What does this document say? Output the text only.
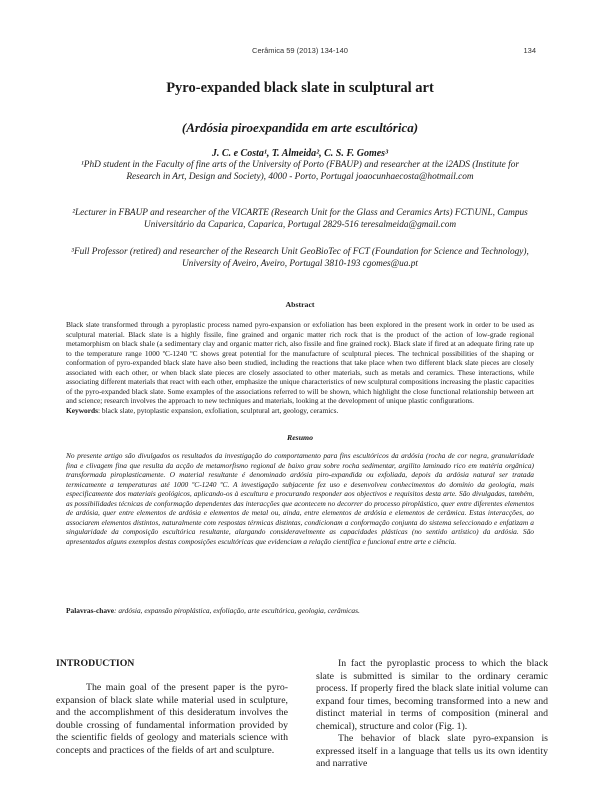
Cerâmica 59 (2013) 134-140	134
Pyro-expanded black slate in sculptural art
(Ardósia piroexpandida em arte escultórica)
J. C. e Costa¹, T. Almeida², C. S. F. Gomes³
¹PhD student in the Faculty of fine arts of the University of Porto (FBAUP) and researcher at the i2ADS (Institute for Research in Art, Design and Society), 4000 - Porto, Portugal joaocunhaecosta@hotmail.com
²Lecturer in FBAUP and researcher of the VICARTE (Research Unit for the Glass and Ceramics Arts) FCT\UNL, Campus Universitário da Caparica, Caparica, Portugal 2829-516 teresalmeida@gmail.com
³Full Professor (retired) and researcher of the Research Unit GeoBioTec of FCT (Foundation for Science and Technology), University of Aveiro, Aveiro, Portugal 3810-193 cgomes@ua.pt
Abstract
Black slate transformed through a pyroplastic process named pyro-expansion or exfoliation has been explored in the present work in order to be used as sculptural material. Black slate is a highly fissile, fine grained and organic matter rich rock that is the product of the action of low-grade regional metamorphism on black shale (a sedimentary clay and organic matter rich, also fissile and fine grained rock). Black slate if fired at an adequate firing rate up to the temperature range 1000 ºC-1240 ºC shows great potential for the manufacture of sculptural pieces. The technical possibilities of the shaping or conformation of pyro-expanded black slate have also been studied, including the reactions that take place when two different black slate pieces are closely associated with each other, or when black slate pieces are closely associated to other materials, such as metals and ceramics. These interactions, while associating different materials that react with each other, emphasize the unique characteristics of new sculptural compositions increasing the plastic capacities of the pyro-expanded black slate. Some examples of the associations referred to will be shown, which highlight the close functional relationship between art and science; research involves the approach to new techniques and materials, looking at the development of unique plastic configurations.
Keywords: black slate, pytoplastic expansion, exfoliation, sculptural art, geology, ceramics.
Resumo
No presente artigo são divulgados os resultados da investigação do comportamento para fins escultóricos da ardósia (rocha de cor negra, granularidade fina e clivagem fina que resulta da acção de metamorfismo regional de baixo grau sobre rocha sedimentar, argilito laminado rico em matéria orgânica) transformada piroplasticamente. O material resultante é denominado ardósia piro-expandida ou exfoliada, depois da ardósia natural ser tratada termicamente a temperaturas até 1000 ºC-1240 ºC. A investigação subjacente fez uso e desenvolveu conhecimentos do domínio da geologia, mais especificamente dos materiais geológicos, aplicando-os à escultura e procurando responder aos objectivos e requisitos desta arte. São divulgadas, também, as possibilidades técnicas de conformação dependentes das interacções que acontecem no decorrer do processo piroplástico, quer entre diferentes elementos de ardósia, quer entre elementos de ardósia e elementos de metal ou, ainda, entre elementos de ardósia e elementos de cerâmica. Estas interacções, ao associarem elementos distintos, naturalmente com respostas térmicas distintas, condicionam a conformação conjunta do sistema seleccionado e enfatizam a singularidade da composição escultórica resultante, alargando consideravelmente as capacidades plásticas (no sentido artístico) da ardósia. São apresentados alguns exemplos destas composições escultóricas que evidenciam a relação científica e funcional entre arte e ciência.
Palavras-chave: ardósia, expansão piroplástica, exfoliação, arte escultórica, geologia, cerâmicas.
INTRODUCTION
The main goal of the present paper is the pyro-expansion of black slate while material used in sculpture, and the accomplishment of this desideratum involves the double crossing of fundamental information provided by the scientific fields of geology and materials science with concepts and practices of the fields of art and sculpture.

In fact the pyroplastic process to which the black slate is submitted is similar to the ordinary ceramic process. If properly fired the black slate initial volume can expand four times, becoming transformed into a new and distinct material in terms of composition (mineral and chemical), structure and color (Fig. 1).

The behavior of black slate pyro-expansion is expressed itself in a language that tells us its own identity and narrative
